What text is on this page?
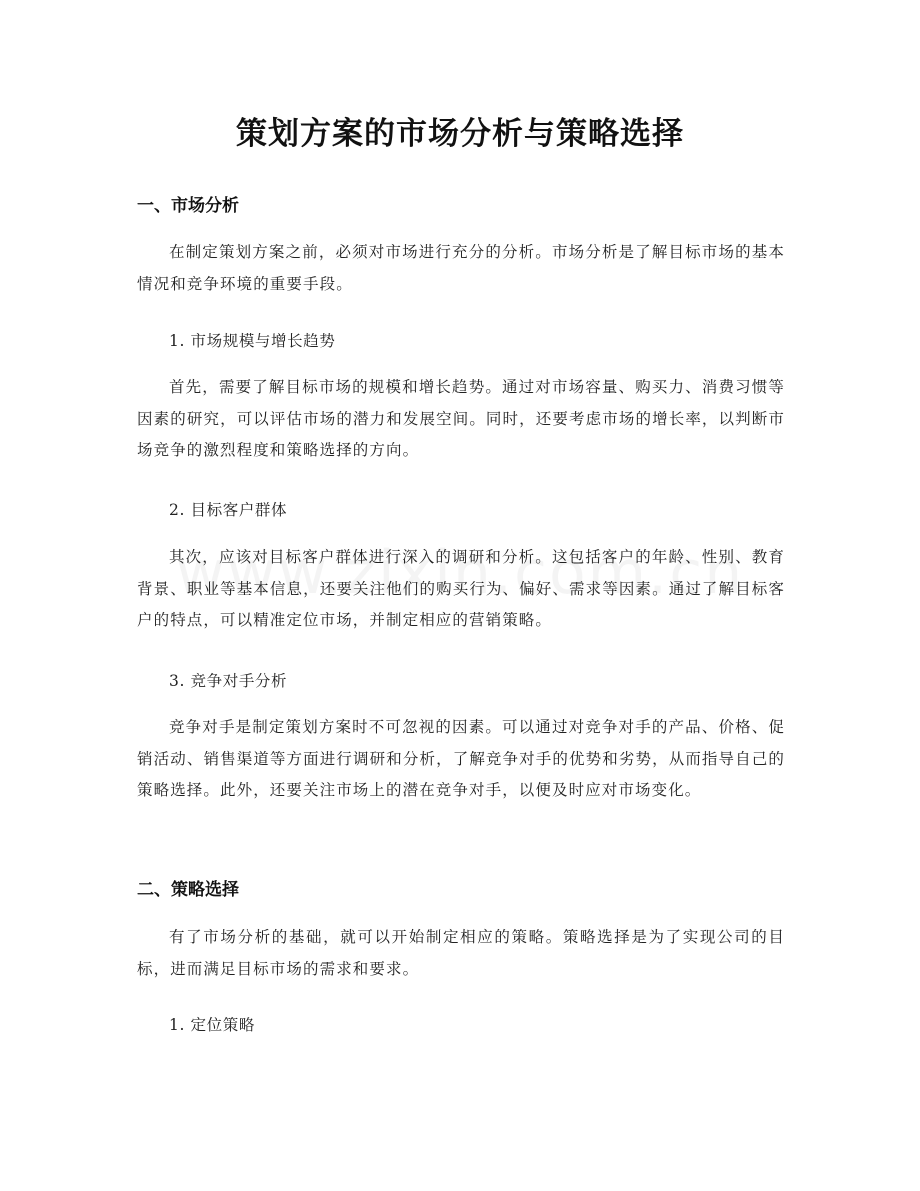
策划方案的市场分析与策略选择
一、市场分析
在制定策划方案之前，必须对市场进行充分的分析。市场分析是了解目标市场的基本情况和竞争环境的重要手段。
1. 市场规模与增长趋势
首先，需要了解目标市场的规模和增长趋势。通过对市场容量、购买力、消费习惯等因素的研究，可以评估市场的潜力和发展空间。同时，还要考虑市场的增长率，以判断市场竞争的激烈程度和策略选择的方向。
2. 目标客户群体
其次，应该对目标客户群体进行深入的调研和分析。这包括客户的年龄、性别、教育背景、职业等基本信息，还要关注他们的购买行为、偏好、需求等因素。通过了解目标客户的特点，可以精准定位市场，并制定相应的营销策略。
3. 竞争对手分析
竞争对手是制定策划方案时不可忽视的因素。可以通过对竞争对手的产品、价格、促销活动、销售渠道等方面进行调研和分析，了解竞争对手的优势和劣势，从而指导自己的策略选择。此外，还要关注市场上的潜在竞争对手，以便及时应对市场变化。
二、策略选择
有了市场分析的基础，就可以开始制定相应的策略。策略选择是为了实现公司的目标，进而满足目标市场的需求和要求。
1. 定位策略
